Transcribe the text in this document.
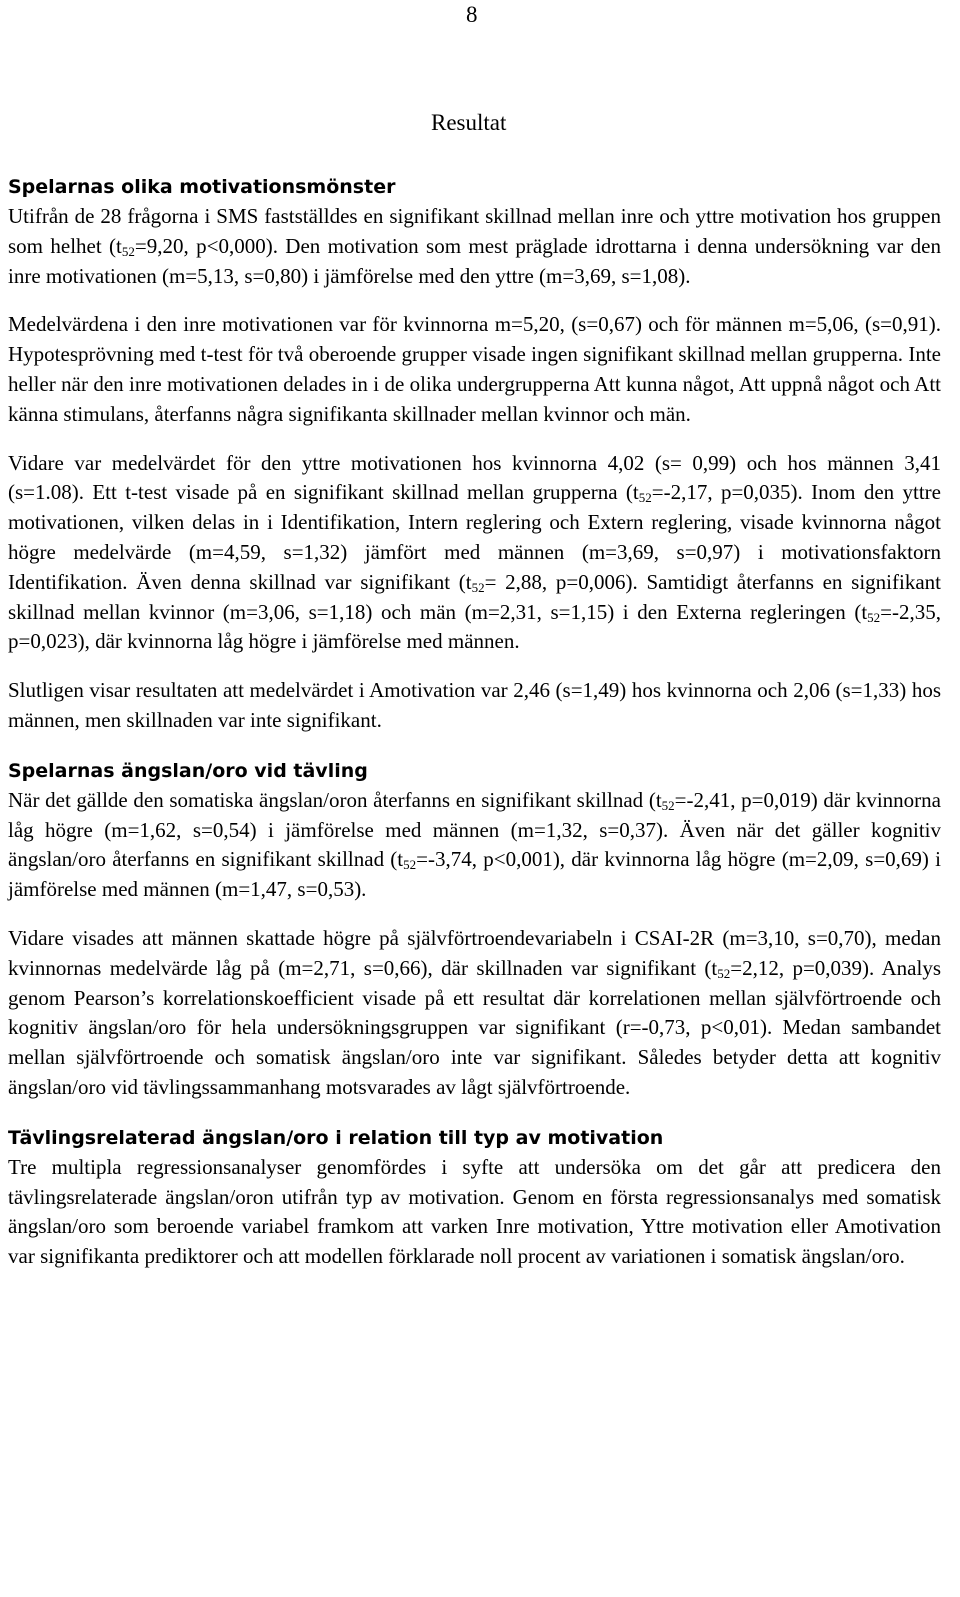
8
Resultat
Spelarnas olika motivationsmönster

Utifrån de 28 frågorna i SMS fastställdes en signifikant skillnad mellan inre och yttre motivation hos gruppen som helhet ($t_{52}=9,20$, p<0,000). Den motivation som mest präglade idrottarna i denna undersökning var den inre motivationen (m=5,13, s=0,80) i jämförelse med den yttre (m=3,69, s=1,08).

Medelvärdena i den inre motivationen var för kvinnorna m=5,20, (s=0,67) och för männen m=5,06, (s=0,91). Hypotesprövning med t-test för två oberoende grupper visade ingen signifikant skillnad mellan grupperna. Inte heller när den inre motivationen delades in i de olika undergrupperna Att kunna något, Att uppnå något och Att känna stimulans, återfanns några signifikanta skillnader mellan kvinnor och män.

Vidare var medelvärdet för den yttre motivationen hos kvinnorna 4,02 (s= 0,99) och hos männen 3,41 (s=1.08). Ett t-test visade på en signifikant skillnad mellan grupperna ($t_{52}=-2,17$, p=0,035). Inom den yttre motivationen, vilken delas in i Identifikation, Intern reglering och Extern reglering, visade kvinnorna något högre medelvärde (m=4,59, s=1,32) jämfört med männen (m=3,69, s=0,97) i motivationsfaktorn Identifikation. Även denna skillnad var signifikant ($t_{52}= 2,88$, p=0,006). Samtidigt återfanns en signifikant skillnad mellan kvinnor (m=3,06, s=1,18) och män (m=2,31, s=1,15) i den Externa regleringen ($t_{52}=-2,35$, p=0,023), där kvinnorna låg högre i jämförelse med männen.

Slutligen visar resultaten att medelvärdet i Amotivation var 2,46 (s=1,49) hos kvinnorna och 2,06 (s=1,33) hos männen, men skillnaden var inte signifikant.

Spelarnas ängslan/oro vid tävling

När det gällde den somatiska ängslan/oron återfanns en signifikant skillnad ($t_{52}=-2,41$, p=0,019) där kvinnorna låg högre (m=1,62, s=0,54) i jämförelse med männen (m=1,32, s=0,37). Även när det gäller kognitiv ängslan/oro återfanns en signifikant skillnad ($t_{52}=-3,74$, p<0,001), där kvinnorna låg högre (m=2,09, s=0,69) i jämförelse med männen (m=1,47, s=0,53).

Vidare visades att männen skattade högre på självförtroendevariabeln i CSAI-2R (m=3,10, s=0,70), medan kvinnornas medelvärde låg på (m=2,71, s=0,66), där skillnaden var signifikant ($t_{52}=2,12$, p=0,039). Analys genom Pearson’s korrelationskoefficient visade på ett resultat där korrelationen mellan självförtroende och kognitiv ängslan/oro för hela undersökningsgruppen var signifikant (r=-0,73, p<0,01). Medan sambandet mellan självförtroende och somatisk ängslan/oro inte var signifikant. Således betyder detta att kognitiv ängslan/oro vid tävlingssammanhang motsvarades av lågt självförtroende.

Tävlingsrelaterad ängslan/oro i relation till typ av motivation

Tre multipla regressionsanalyser genomfördes i syfte att undersöka om det går att predicera den tävlingsrelaterade ängslan/oron utifrån typ av motivation. Genom en första regressionsanalys med somatisk ängslan/oro som beroende variabel framkom att varken Inre motivation, Yttre motivation eller Amotivation var signifikanta prediktorer och att modellen förklarade noll procent av variationen i somatisk ängslan/oro.
